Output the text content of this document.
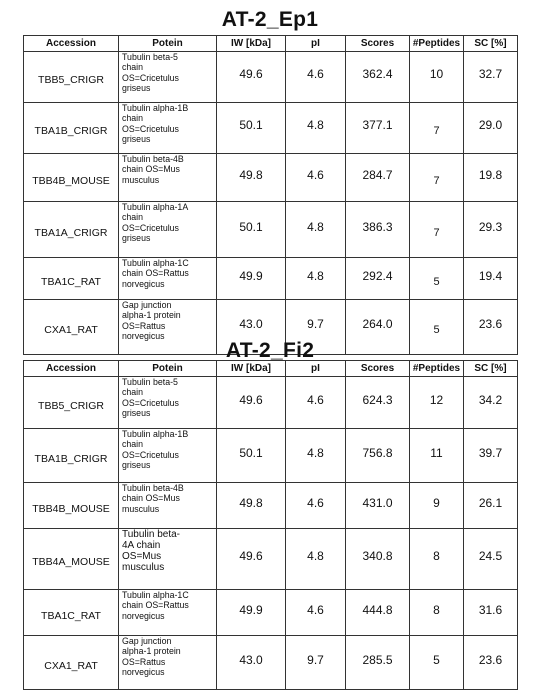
AT-2_Ep1
Accession	Potein	IW [kDa]	pI	Scores	#Peptides	SC [%]
TBB5_CRIGR	Tubulin beta-5
chain
OS=Cricetulus
griseus	49.6	4.6	362.4	10	32.7
TBA1B_CRIGR	Tubulin alpha-1B
chain
OS=Cricetulus
griseus	50.1	4.8	377.1	7	29.0
TBB4B_MOUSE	Tubulin beta-4B
chain OS=Mus
musculus	49.8	4.6	284.7	7	19.8
TBA1A_CRIGR	Tubulin alpha-1A
chain
OS=Cricetulus
griseus	50.1	4.8	386.3	7	29.3
TBA1C_RAT	Tubulin alpha-1C
chain OS=Rattus
norvegicus	49.9	4.8	292.4	5	19.4
CXA1_RAT	Gap junction
alpha-1 protein
OS=Rattus
norvegicus	43.0	9.7	264.0	5	23.6
AT-2_Fi2
Accession	Potein	IW [kDa]	pI	Scores	#Peptides	SC [%]
TBB5_CRIGR	Tubulin beta-5
chain
OS=Cricetulus
griseus	49.6	4.6	624.3	12	34.2
TBA1B_CRIGR	Tubulin alpha-1B
chain
OS=Cricetulus
griseus	50.1	4.8	756.8	11	39.7
TBB4B_MOUSE	Tubulin beta-4B
chain OS=Mus
musculus	49.8	4.6	431.0	9	26.1
TBB4A_MOUSE	Tubulin beta-
4A chain
OS=Mus
musculus	49.6	4.8	340.8	8	24.5
TBA1C_RAT	Tubulin alpha-1C
chain OS=Rattus
norvegicus	49.9	4.6	444.8	8	31.6
CXA1_RAT	Gap junction
alpha-1 protein
OS=Rattus
norvegicus	43.0	9.7	285.5	5	23.6
